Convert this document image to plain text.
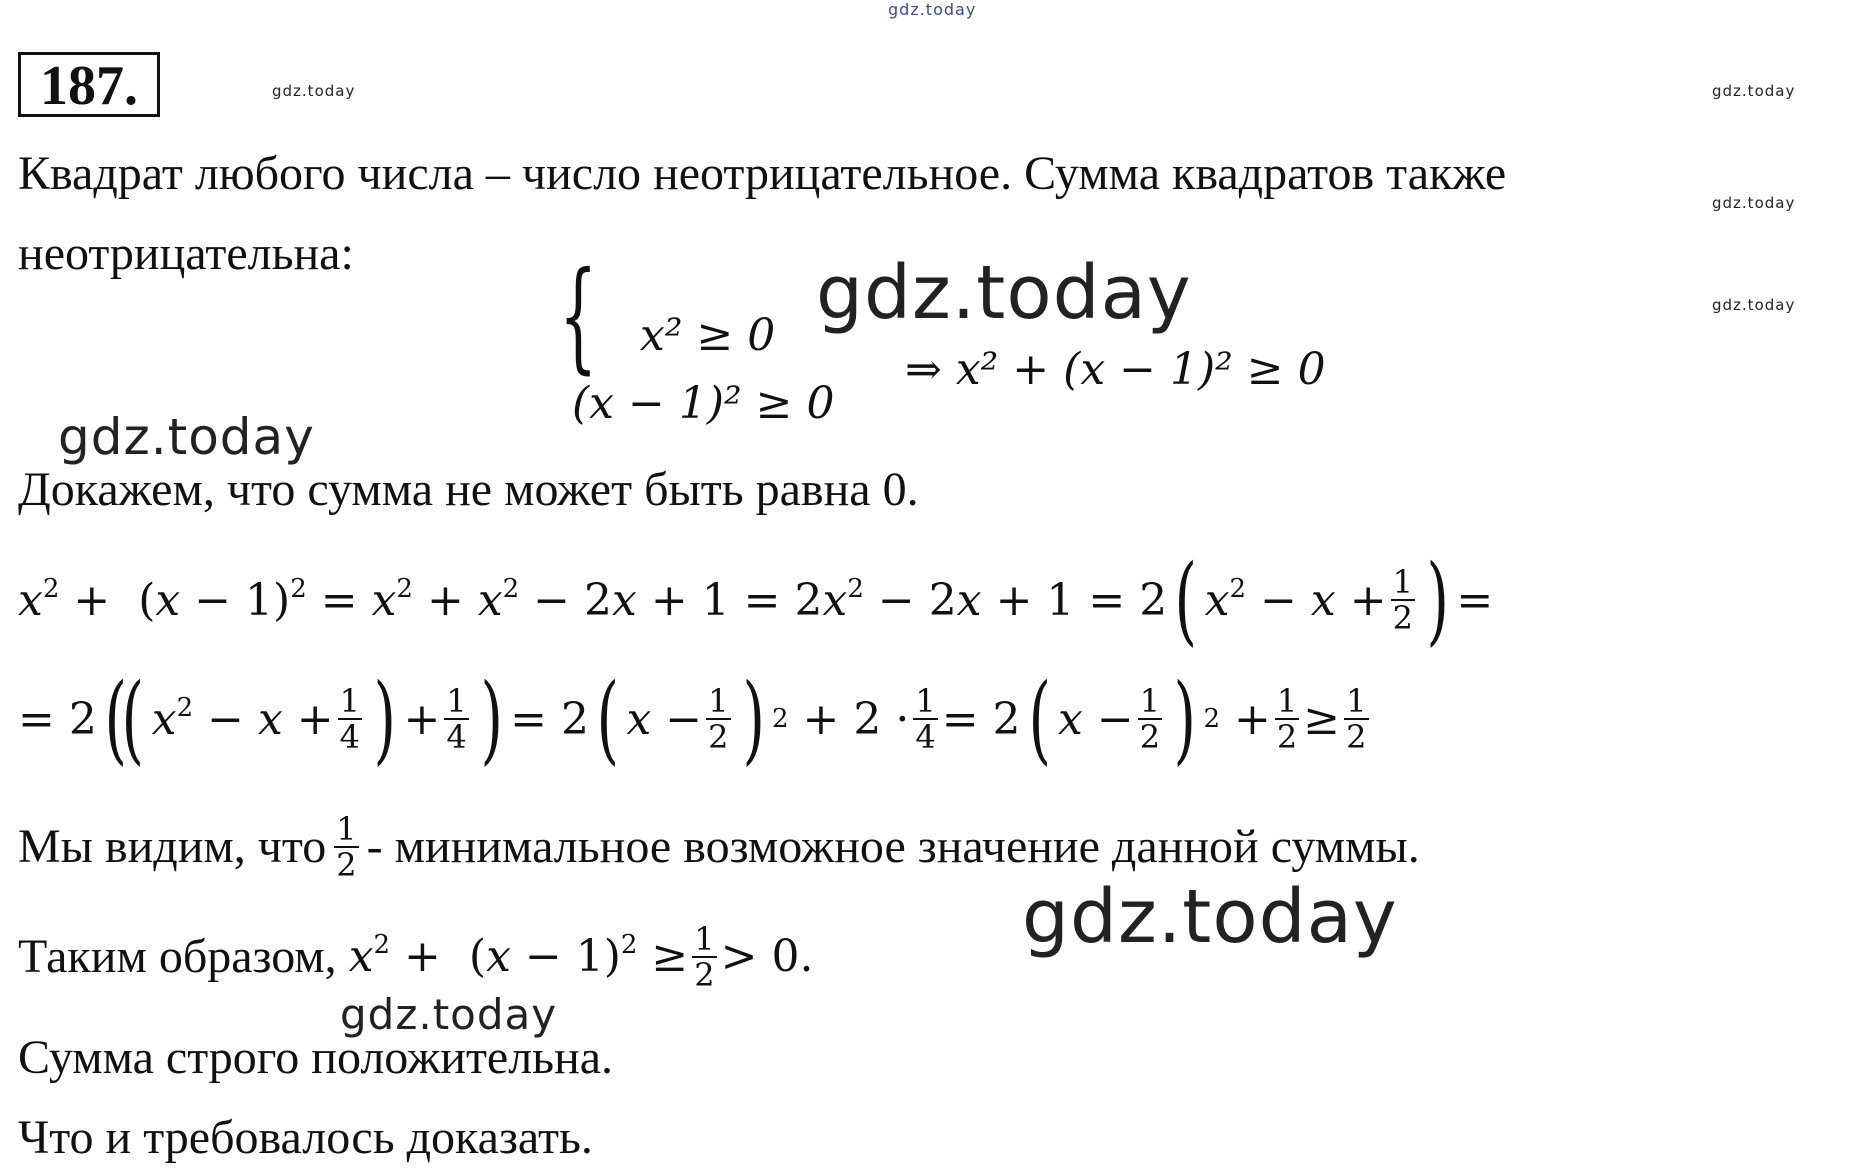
gdz.today
187.	gdz.today	gdz.today
Квадрат любого числа – число неотрицательное. Сумма квадратов также
gdz.today
неотрицательна:	gdz.today	gdz.today
{ x² ≥ 0
(x − 1)² ≥ 0
⇒ x² + (x − 1)² ≥ 0
gdz.today
Докажем, что сумма не может быть равна 0.
$x^2 + (x - 1)^2 = x^2 + x^2 - 2x + 1 = 2x^2 - 2x + 1 = 2$ ( $x^2 - x + \frac{1}{2}$ ) =
= 2 (
( $x^2 - x + \frac{1}{4}$ ) + $\frac{1}{4}$ ) = 2 ( $x - \frac{1}{2}$ ) $2 + 2 \cdot \frac{1}{4} = 2$ ( $x - \frac{1}{2}$ ) $2 + \frac{1}{2} \ge \frac{1}{2}$
Мы видим, что $\frac{1}{2}$ - минимальное возможное значение данной суммы.
gdz.today
Таким образом, $x^2 + (x - 1)^2 \ge \frac{1}{2} > 0$.
gdz.today
Сумма строго положительна.
Что и требовалось доказать.
